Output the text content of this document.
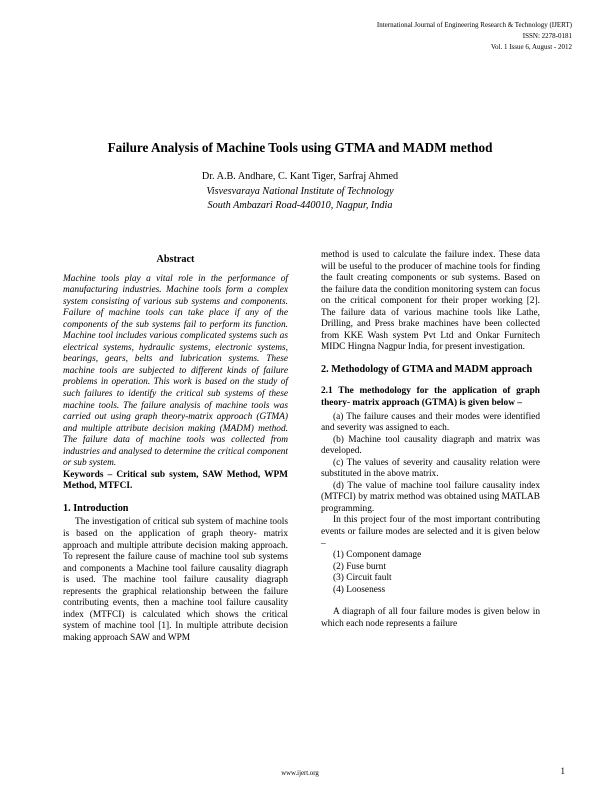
International Journal of Engineering Research & Technology (IJERT)
ISSN: 2278-0181
Vol. 1 Issue 6, August - 2012
Failure Analysis of Machine Tools using GTMA and MADM method
Dr. A.B. Andhare, C. Kant Tiger, Sarfraj Ahmed
Visvesvaraya National Institute of Technology
South Ambazari Road-440010, Nagpur, India
Abstract
Machine tools play a vital role in the performance of manufacturing industries. Machine tools form a complex system consisting of various sub systems and components. Failure of machine tools can take place if any of the components of the sub systems fail to perform its function. Machine tool includes various complicated systems such as electrical systems, hydraulic systems, electronic systems, bearings, gears, belts and lubrication systems. These machine tools are subjected to different kinds of failure problems in operation. This work is based on the study of such failures to identify the critical sub systems of these machine tools. The failure analysis of machine tools was carried out using graph theory-matrix approach (GTMA) and multiple attribute decision making (MADM) method. The failure data of machine tools was collected from industries and analysed to determine the critical component or sub system.
Keywords – Critical sub system, SAW Method, WPM Method, MTFCI.
1. Introduction
The investigation of critical sub system of machine tools is based on the application of graph theory- matrix approach and multiple attribute decision making approach. To represent the failure cause of machine tool sub systems and components a Machine tool failure causality diagraph is used. The machine tool failure causality diagraph represents the graphical relationship between the failure contributing events, then a machine tool failure causality index (MTFCI) is calculated which shows the critical system of machine tool [1]. In multiple attribute decision making approach SAW and WPM
method is used to calculate the failure index. These data will be useful to the producer of machine tools for finding the fault creating components or sub systems. Based on the failure data the condition monitoring system can focus on the critical component for their proper working [2]. The failure data of various machine tools like Lathe, Drilling, and Press brake machines have been collected from KKE Wash system Pvt Ltd and Onkar Furnitech MIDC Hingna Nagpur India, for present investigation.
2. Methodology of GTMA and MADM approach
2.1 The methodology for the application of graph theory- matrix approach (GTMA) is given below –
(a) The failure causes and their modes were identified and severity was assigned to each.
(b) Machine tool causality diagraph and matrix was developed.
(c) The values of severity and causality relation were substituted in the above matrix.
(d) The value of machine tool failure causality index (MTFCI) by matrix method was obtained using MATLAB programming.
In this project four of the most important contributing events or failure modes are selected and it is given below –
(1) Component damage
(2) Fuse burnt
(3) Circuit fault
(4) Looseness
A diagraph of all four failure modes is given below in which each node represents a failure
www.ijert.org	1
